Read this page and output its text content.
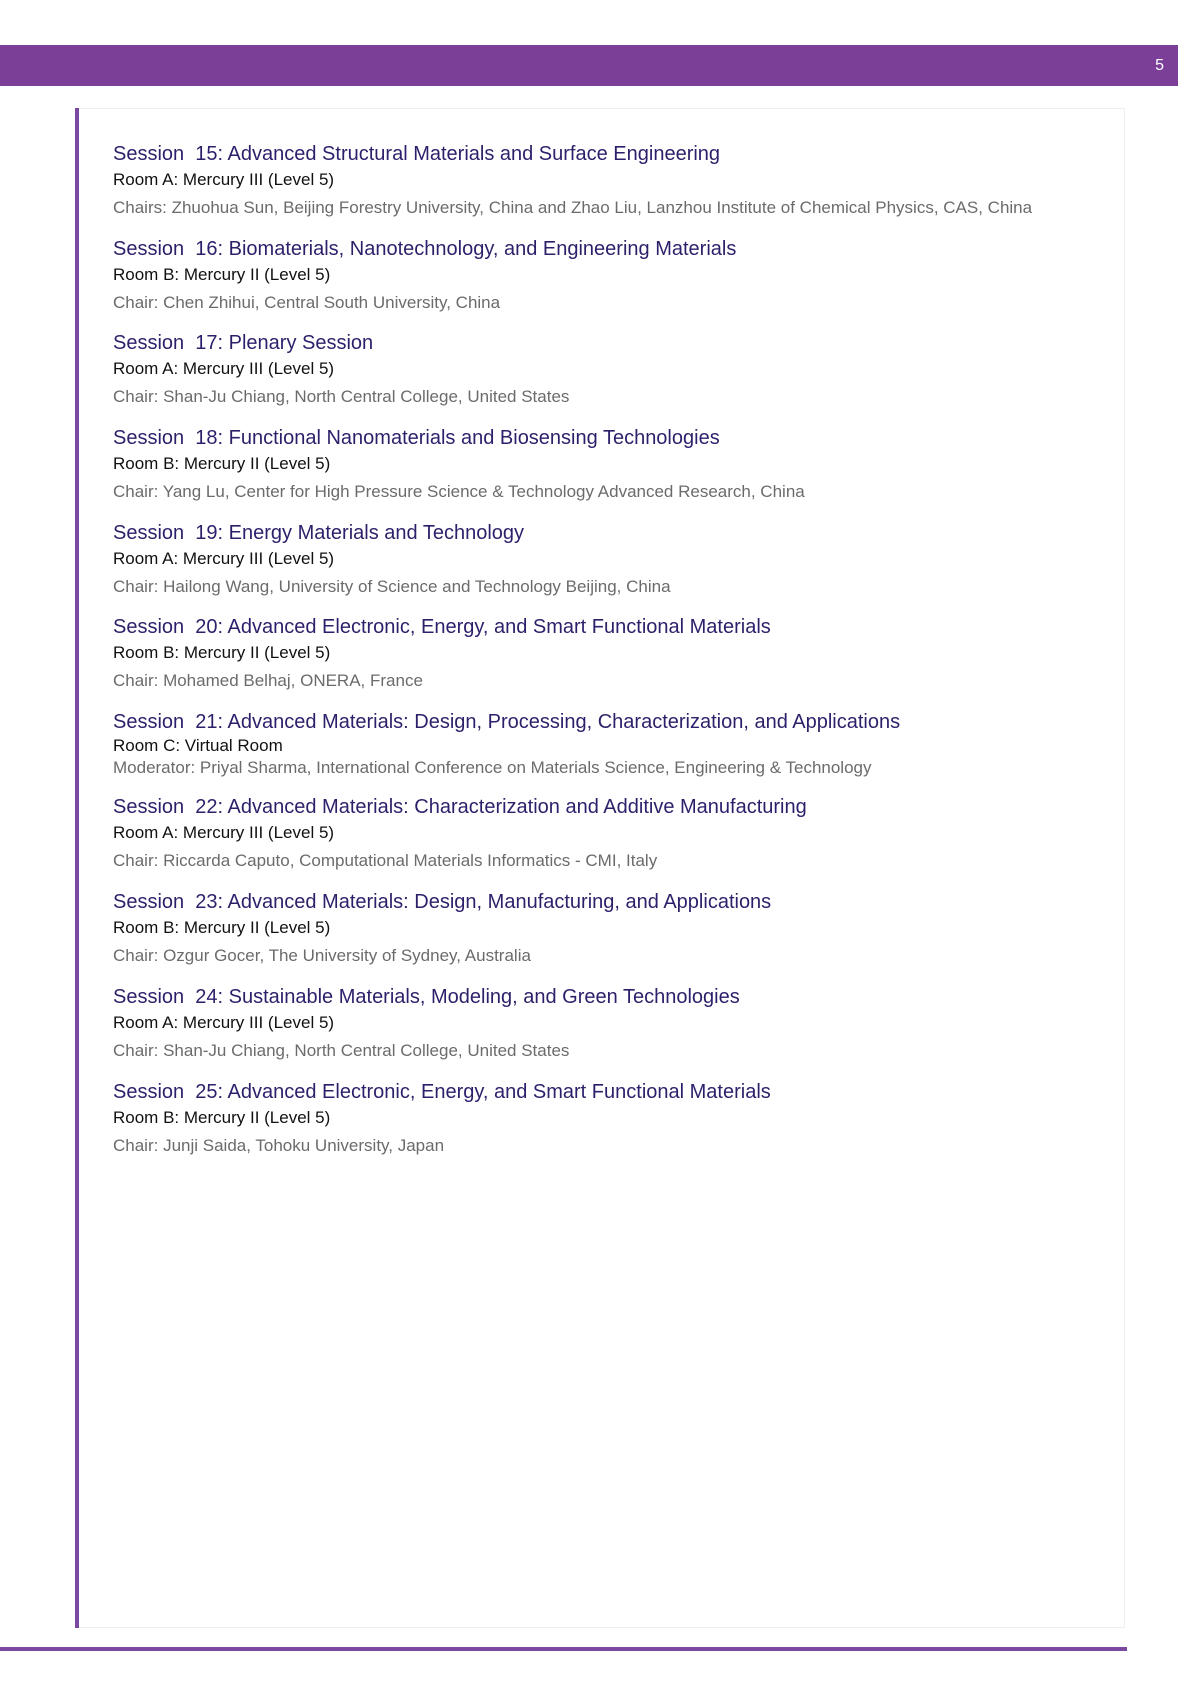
5
Session 15: Advanced Structural Materials and Surface Engineering
Room A: Mercury III (Level 5)
Chairs: Zhuohua Sun, Beijing Forestry University, China and Zhao Liu, Lanzhou Institute of Chemical Physics, CAS, China
Session 16: Biomaterials, Nanotechnology, and Engineering Materials
Room B: Mercury II (Level 5)
Chair: Chen Zhihui, Central South University, China
Session 17: Plenary Session
Room A: Mercury III (Level 5)
Chair: Shan-Ju Chiang, North Central College, United States
Session 18: Functional Nanomaterials and Biosensing Technologies
Room B: Mercury II (Level 5)
Chair: Yang Lu, Center for High Pressure Science & Technology Advanced Research, China
Session 19: Energy Materials and Technology
Room A: Mercury III (Level 5)
Chair: Hailong Wang, University of Science and Technology Beijing, China
Session 20: Advanced Electronic, Energy, and Smart Functional Materials
Room B: Mercury II (Level 5)
Chair: Mohamed Belhaj, ONERA, France
Session 21: Advanced Materials: Design, Processing, Characterization, and Applications
Room C: Virtual Room
Moderator: Priyal Sharma, International Conference on Materials Science, Engineering & Technology
Session 22: Advanced Materials: Characterization and Additive Manufacturing
Room A: Mercury III (Level 5)
Chair: Riccarda Caputo, Computational Materials Informatics - CMI, Italy
Session 23: Advanced Materials: Design, Manufacturing, and Applications
Room B: Mercury II (Level 5)
Chair: Ozgur Gocer, The University of Sydney, Australia
Session 24: Sustainable Materials, Modeling, and Green Technologies
Room A: Mercury III (Level 5)
Chair: Shan-Ju Chiang, North Central College, United States
Session 25: Advanced Electronic, Energy, and Smart Functional Materials
Room B: Mercury II (Level 5)
Chair: Junji Saida, Tohoku University, Japan
